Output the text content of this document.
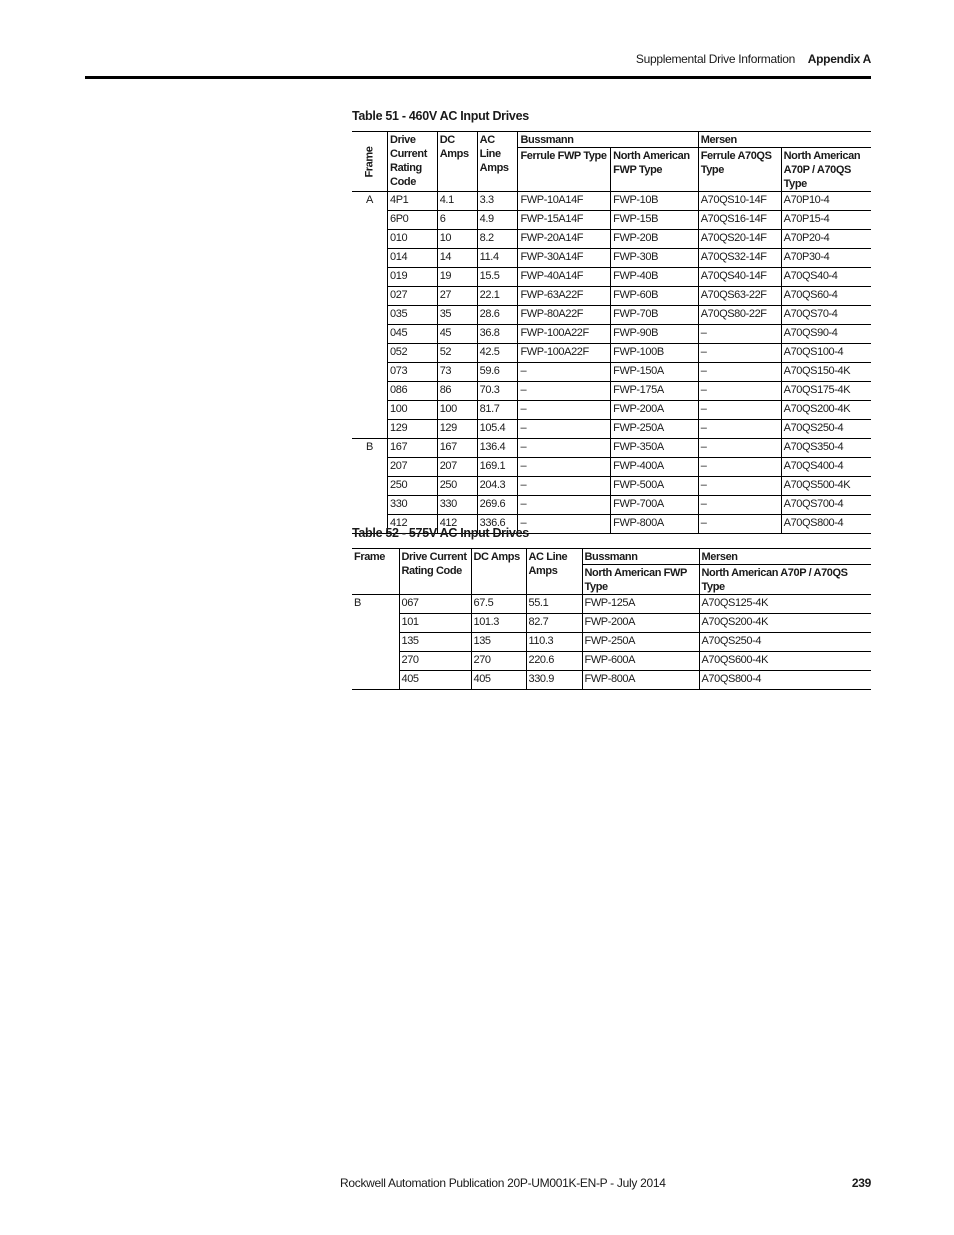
Supplemental Drive Information Appendix A
Table 51 - 460V AC Input Drives
Frame	Drive Current Rating Code	DC Amps	AC Line Amps	Bussmann		Mersen	
				Ferrule FWP Type	North American FWP Type	Ferrule A70QS Type	North American A70P / A70QS Type
A	4P1	4.1	3.3	FWP-10A14F	FWP-10B	A70QS10-14F	A70P10-4
	6P0	6	4.9	FWP-15A14F	FWP-15B	A70QS16-14F	A70P15-4
	010	10	8.2	FWP-20A14F	FWP-20B	A70QS20-14F	A70P20-4
	014	14	11.4	FWP-30A14F	FWP-30B	A70QS32-14F	A70P30-4
	019	19	15.5	FWP-40A14F	FWP-40B	A70QS40-14F	A70QS40-4
	027	27	22.1	FWP-63A22F	FWP-60B	A70QS63-22F	A70QS60-4
	035	35	28.6	FWP-80A22F	FWP-70B	A70QS80-22F	A70QS70-4
	045	45	36.8	FWP-100A22F	FWP-90B	–	A70QS90-4
	052	52	42.5	FWP-100A22F	FWP-100B	–	A70QS100-4
	073	73	59.6	–	FWP-150A	–	A70QS150-4K
	086	86	70.3	–	FWP-175A	–	A70QS175-4K
	100	100	81.7	–	FWP-200A	–	A70QS200-4K
	129	129	105.4	–	FWP-250A	–	A70QS250-4
B	167	167	136.4	–	FWP-350A	–	A70QS350-4
	207	207	169.1	–	FWP-400A	–	A70QS400-4
	250	250	204.3	–	FWP-500A	–	A70QS500-4K
	330	330	269.6	–	FWP-700A	–	A70QS700-4
	412	412	336.6	–	FWP-800A	–	A70QS800-4
Table 52 - 575V AC Input Drives
Frame	Drive Current Rating Code	DC Amps	AC Line Amps	Bussmann	Mersen
				North American FWP Type	North American A70P / A70QS Type
B	067	67.5	55.1	FWP-125A	A70QS125-4K
	101	101.3	82.7	FWP-200A	A70QS200-4K
	135	135	110.3	FWP-250A	A70QS250-4
	270	270	220.6	FWP-600A	A70QS600-4K
	405	405	330.9	FWP-800A	A70QS800-4
Rockwell Automation Publication 20P-UM001K-EN-P - July 2014	239
